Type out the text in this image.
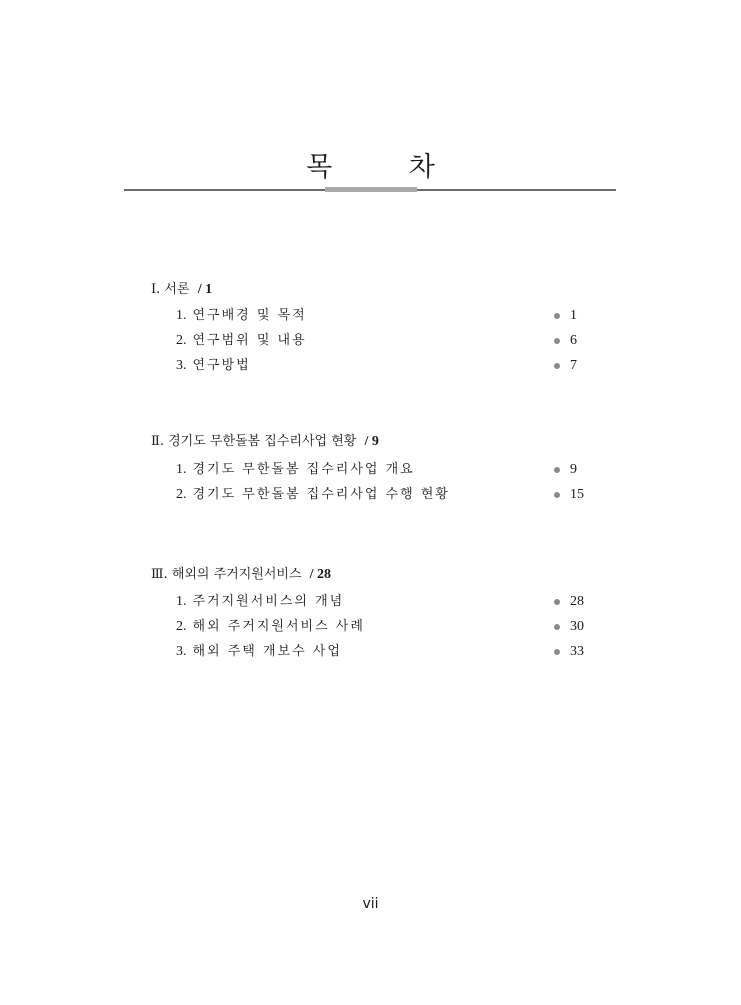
목 차
Ⅰ. 서론 / 1
1. 연구배경 및 목적	1
2. 연구범위 및 내용	6
3. 연구방법	7
Ⅱ. 경기도 무한돌봄 집수리사업 현황 / 9
1. 경기도 무한돌봄 집수리사업 개요	9
2. 경기도 무한돌봄 집수리사업 수행 현황	15
Ⅲ. 해외의 주거지원서비스 / 28
1. 주거지원서비스의 개념	28
2. 해외 주거지원서비스 사례	30
3. 해외 주택 개보수 사업	33
vii
